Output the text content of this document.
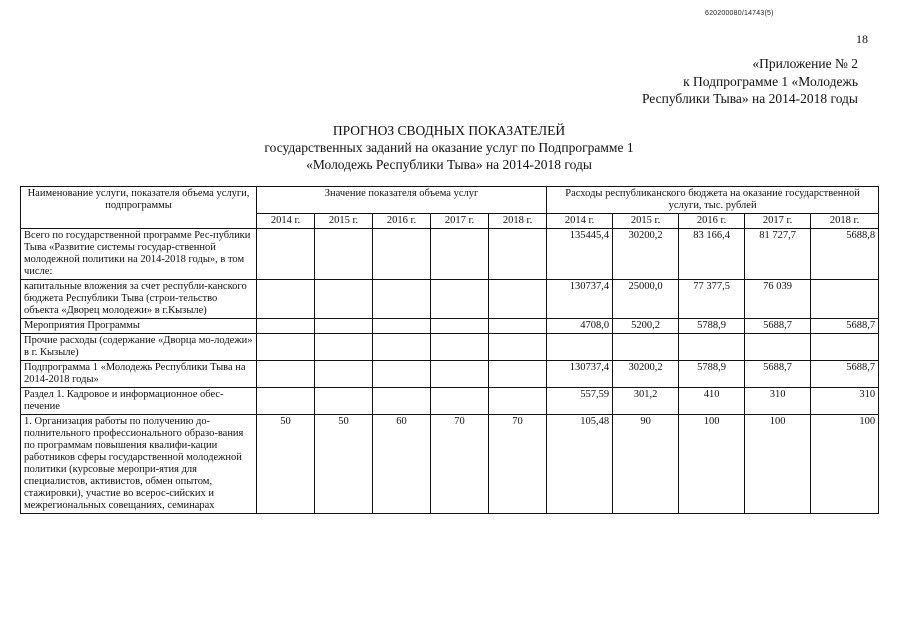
620200080/14743(5)
18
«Приложение № 2
к Подпрограмме 1 «Молодежь
Республики Тыва» на 2014-2018 годы
ПРОГНОЗ СВОДНЫХ ПОКАЗАТЕЛЕЙ
государственных заданий на оказание услуг по Подпрограмме 1
«Молодежь Республики Тыва» на 2014-2018 годы
Наименование услуги, показателя объема услуги, подпрограммы	Значение показателя объема услуг					Расходы республиканского бюджета на оказание государственной услуги, тыс. рублей				
	2014 г.	2015 г.	2016 г.	2017 г.	2018 г.	2014 г.	2015 г.	2016 г.	2017 г.	2018 г.
Всего по государственной программе Рес-публики Тыва «Развитие системы государ-ственной молодежной политики на 2014-2018 годы», в том числе:						135445,4	30200,2	83 166,4	81 727,7	5688,8
капитальные вложения за счет республи-канского бюджета Республики Тыва (строи-тельство объекта «Дворец молодежи» в г.Кызыле)						130737,4	25000,0	77 377,5	76 039	
Мероприятия Программы						4708,0	5200,2	5788,9	5688,7	5688,7
Прочие расходы (содержание «Дворца мо-лодежи» в г. Кызыле)										
Подпрограмма 1 «Молодежь Республики Тыва на 2014-2018 годы»						130737,4	30200,2	5788,9	5688,7	5688,7
Раздел 1. Кадровое и информационное обес-печение						557,59	301,2	410	310	310
1. Организация работы по получению до-полнительного профессионального образо-вания по программам повышения квалифи-кации работников сферы государственной молодежной политики (курсовые меропри-ятия для специалистов, активистов, обмен опытом, стажировки), участие во всерос-сийских и межрегиональных совещаниях, семинарах	50	50	60	70	70	105,48	90	100	100	100
